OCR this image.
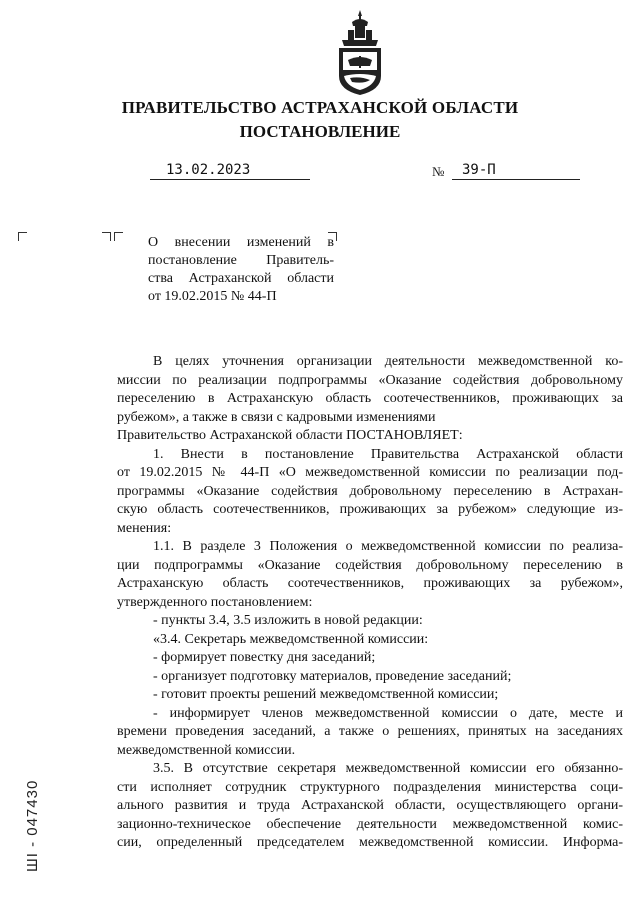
ПРАВИТЕЛЬСТВО АСТРАХАНСКОЙ ОБЛАСТИ
ПОСТАНОВЛЕНИЕ
13.02.2023	№ 39-П
О внесении изменений в
постановление Правитель-
ства Астраханской области
от 19.02.2015 № 44-П
В целях уточнения организации деятельности межведомственной ко-
миссии по реализации подпрограммы «Оказание содействия добровольному
переселению в Астраханскую область соотечественников, проживающих за
рубежом», а также в связи с кадровыми изменениями
Правительство Астраханской области ПОСТАНОВЛЯЕТ:
1. Внести в постановление Правительства Астраханской области
от 19.02.2015 № 44-П «О межведомственной комиссии по реализации под-
программы «Оказание содействия добровольному переселению в Астрахан-
скую область соотечественников, проживающих за рубежом» следующие из-
менения:
1.1. В разделе 3 Положения о межведомственной комиссии по реализа-
ции подпрограммы «Оказание содействия добровольному переселению в
Астраханскую область соотечественников, проживающих за рубежом»,
утвержденного постановлением:
- пункты 3.4, 3.5 изложить в новой редакции:
«3.4. Секретарь межведомственной комиссии:
- формирует повестку дня заседаний;
- организует подготовку материалов, проведение заседаний;
- готовит проекты решений межведомственной комиссии;
- информирует членов межведомственной комиссии о дате, месте и
времени проведения заседаний, а также о решениях, принятых на заседаниях
межведомственной комиссии.
3.5. В отсутствие секретаря межведомственной комиссии его обязанно-
сти исполняет сотрудник структурного подразделения министерства соци-
ального развития и труда Астраханской области, осуществляющего органи-
зационно-техническое обеспечение деятельности межведомственной комис-
сии, определенный председателем межведомственной комиссии. Информа-
ШI - 047430
